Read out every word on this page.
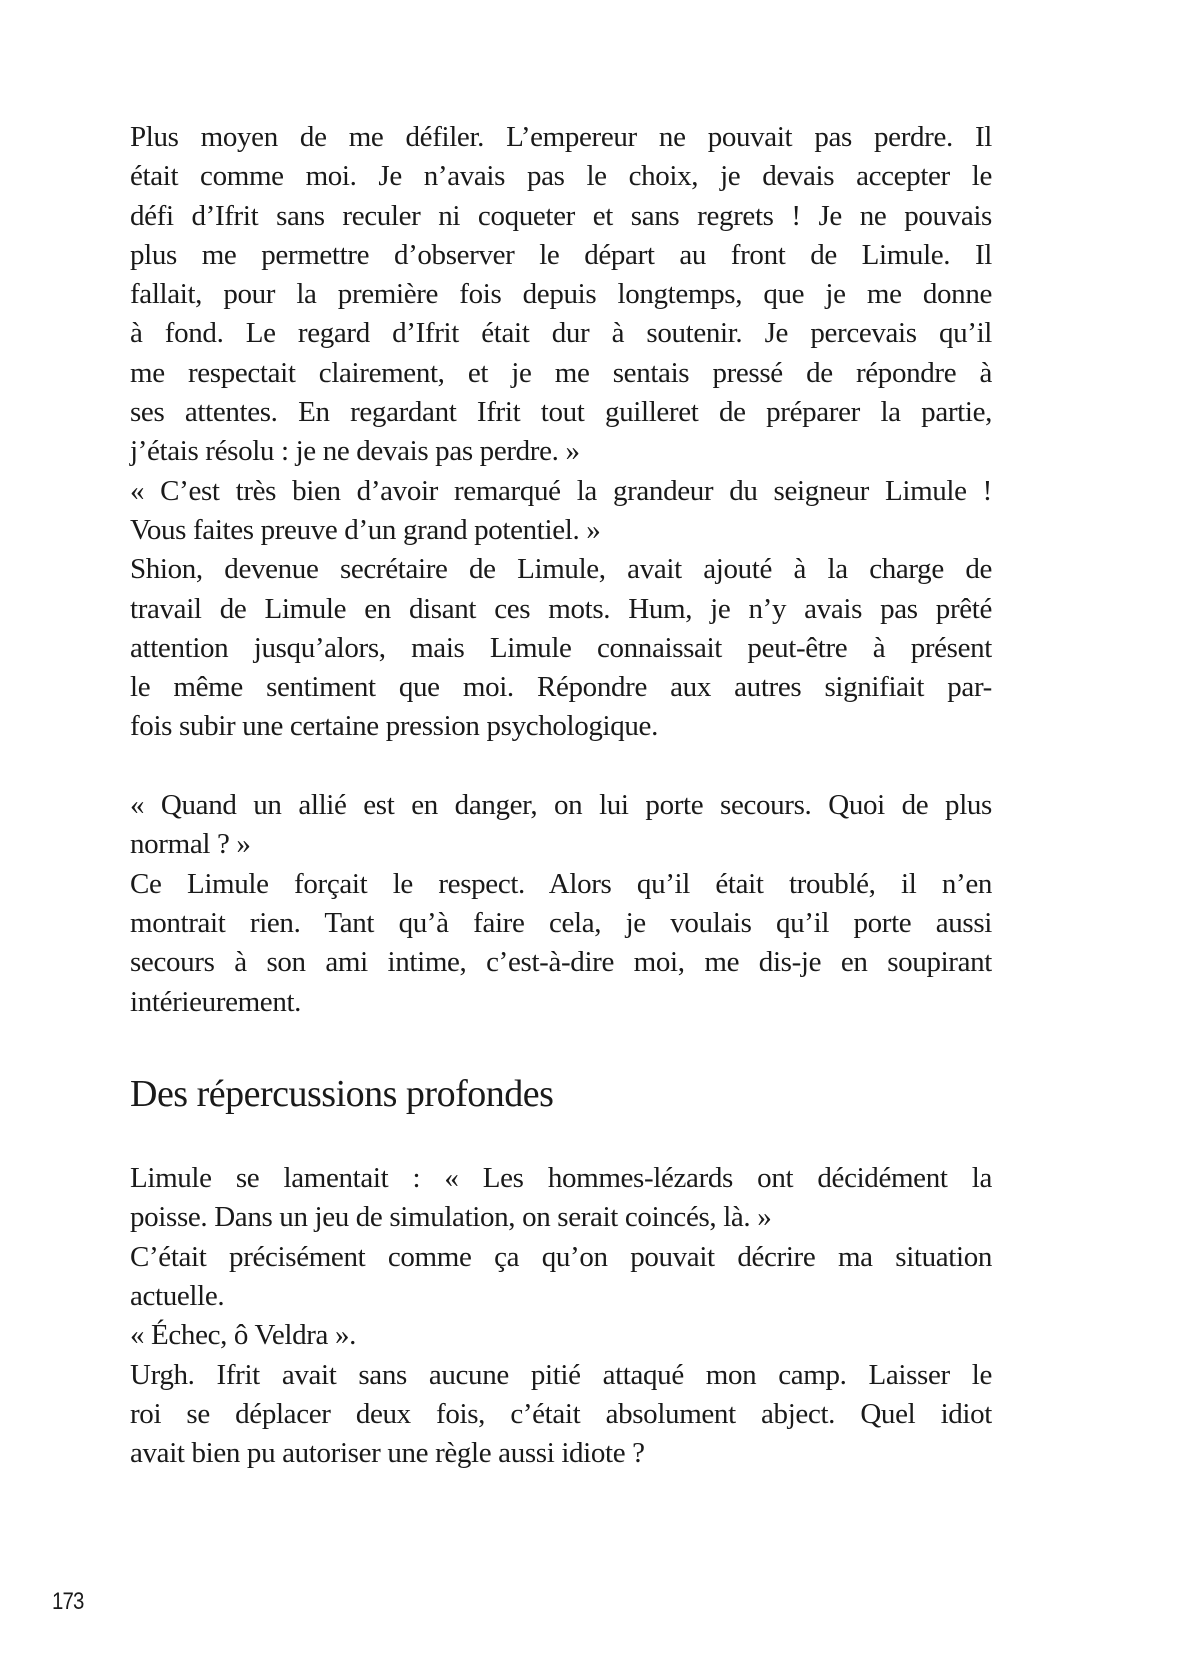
Plus moyen de me défiler. L’empereur ne pouvait pas perdre. Il
était comme moi. Je n’avais pas le choix, je devais accepter le
défi d’Ifrit sans reculer ni coqueter et sans regrets ! Je ne pouvais
plus me permettre d’observer le départ au front de Limule. Il
fallait, pour la première fois depuis longtemps, que je me donne
à fond. Le regard d’Ifrit était dur à soutenir. Je percevais qu’il
me respectait clairement, et je me sentais pressé de répondre à
ses attentes. En regardant Ifrit tout guilleret de préparer la partie,
j’étais résolu : je ne devais pas perdre. »
« C’est très bien d’avoir remarqué la grandeur du seigneur Limule !
Vous faites preuve d’un grand potentiel. »
Shion, devenue secrétaire de Limule, avait ajouté à la charge de
travail de Limule en disant ces mots. Hum, je n’y avais pas prêté
attention jusqu’alors, mais Limule connaissait peut-être à présent
le même sentiment que moi. Répondre aux autres signifiait par-
fois subir une certaine pression psychologique.
« Quand un allié est en danger, on lui porte secours. Quoi de plus
normal ? »
Ce Limule forçait le respect. Alors qu’il était troublé, il n’en
montrait rien. Tant qu’à faire cela, je voulais qu’il porte aussi
secours à son ami intime, c’est-à-dire moi, me dis-je en soupirant
intérieurement.
Des répercussions profondes
Limule se lamentait : « Les hommes-lézards ont décidément la
poisse. Dans un jeu de simulation, on serait coincés, là. »
C’était précisément comme ça qu’on pouvait décrire ma situation
actuelle.
« Échec, ô Veldra ».
Urgh. Ifrit avait sans aucune pitié attaqué mon camp. Laisser le
roi se déplacer deux fois, c’était absolument abject. Quel idiot
avait bien pu autoriser une règle aussi idiote ?
173
